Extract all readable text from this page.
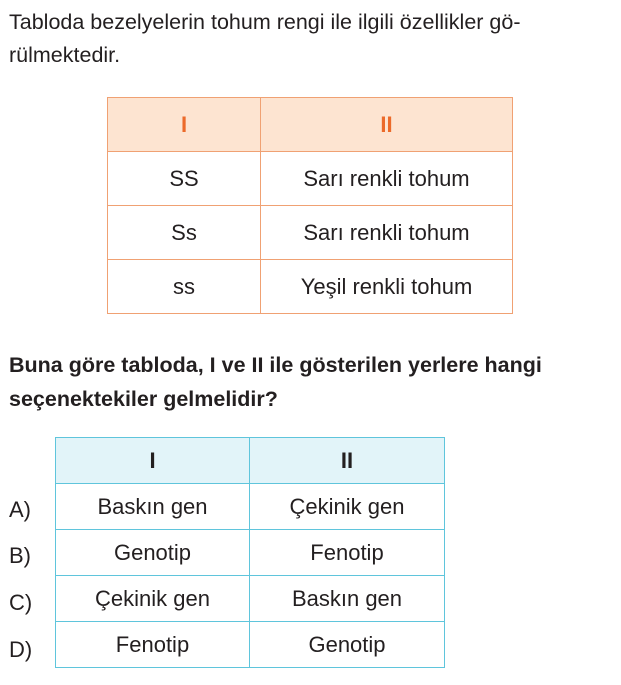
Tabloda bezelyelerin tohum rengi ile ilgili özellikler gö-
rülmektedir.
I	II
SS	Sarı renkli tohum
Ss	Sarı renkli tohum
ss	Yeşil renkli tohum
Buna göre tabloda, I ve II ile gösterilen yerlere hangi
seçenektekiler gelmelidir?
A)
B)
C)
D)
I	II
Baskın gen	Çekinik gen
Genotip	Fenotip
Çekinik gen	Baskın gen
Fenotip	Genotip
